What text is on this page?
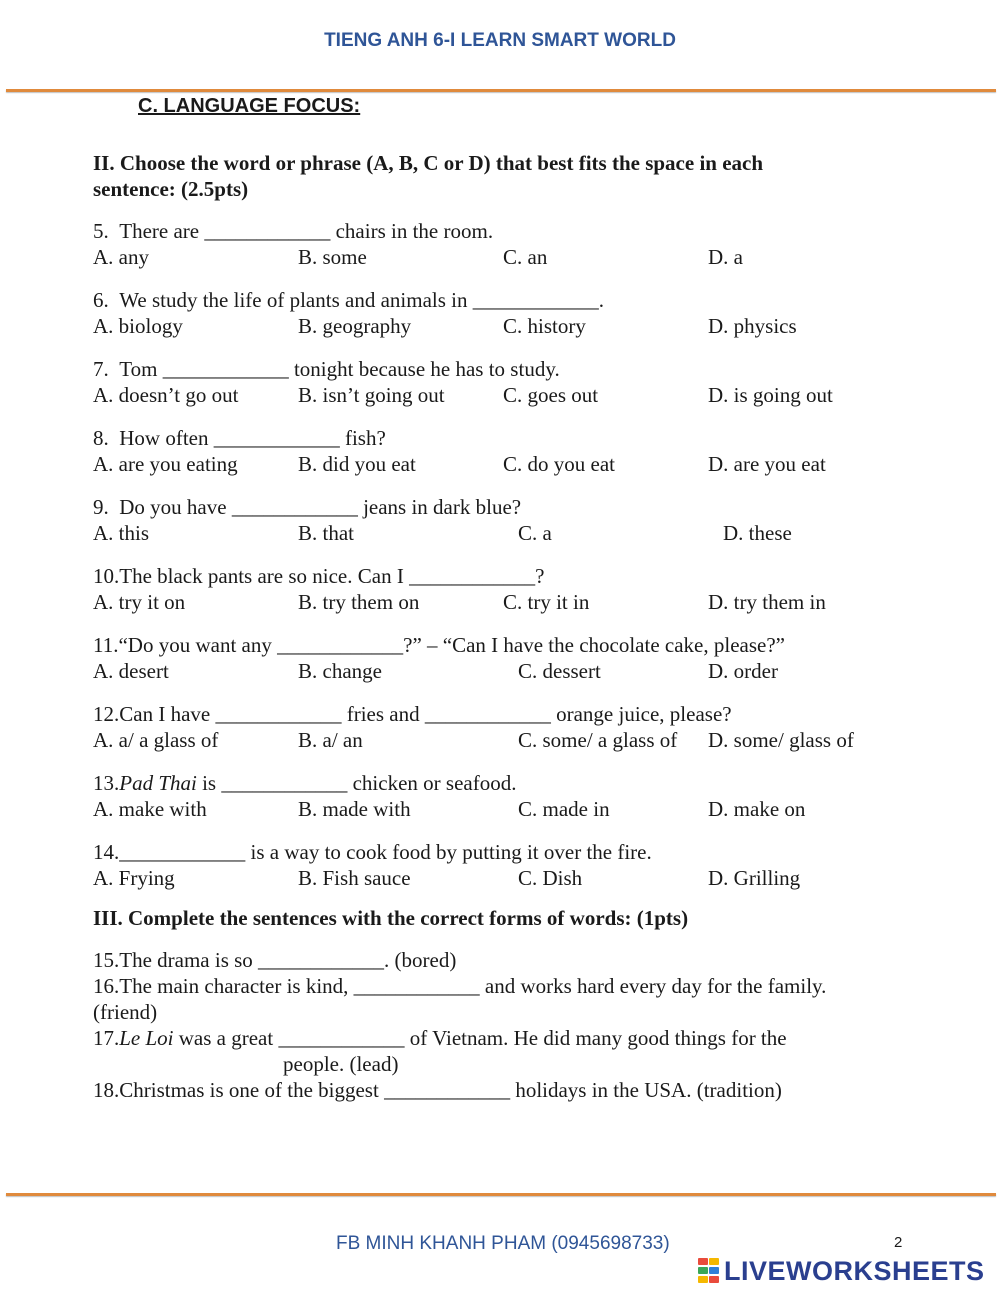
TIENG ANH 6-I LEARN SMART WORLD
C. LANGUAGE FOCUS:
II. Choose the word or phrase (A, B, C or D) that best fits the space in each
sentence: (2.5pts)
5. There are ____________ chairs in the room.
A. any	B. some	C. an	D. a
6. We study the life of plants and animals in ____________.
A. biology	B. geography	C. history	D. physics
7. Tom ____________ tonight because he has to study.
A. doesn’t go out	B. isn’t going out	C. goes out	D. is going out
8. How often ____________ fish?
A. are you eating	B. did you eat	C. do you eat	D. are you eat
9. Do you have ____________ jeans in dark blue?
A. this	B. that	C. a	D. these
10.The black pants are so nice. Can I ____________?
A. try it on	B. try them on	C. try it in	D. try them in
11.“Do you want any ____________?” – “Can I have the chocolate cake, please?”
A. desert	B. change	C. dessert	D. order
12.Can I have ____________ fries and ____________ orange juice, please?
A. a/ a glass of	B. a/ an	C. some/ a glass of D. some/ glass of
13.Pad Thai is ____________ chicken or seafood.
A. make with	B. made with	C. made in	D. make on
14.____________ is a way to cook food by putting it over the fire.
A. Frying	B. Fish sauce	C. Dish	D. Grilling
III. Complete the sentences with the correct forms of words: (1pts)
15.The drama is so ____________. (bored)
16.The main character is kind, ____________ and works hard every day for the family.
(friend)
17.Le Loi was a great ____________ of Vietnam. He did many good things for the
people. (lead)
18.Christmas is one of the biggest ____________ holidays in the USA. (tradition)
FB MINH KHANH PHAM (0945698733)	2
LIVEWORKSHEETS
